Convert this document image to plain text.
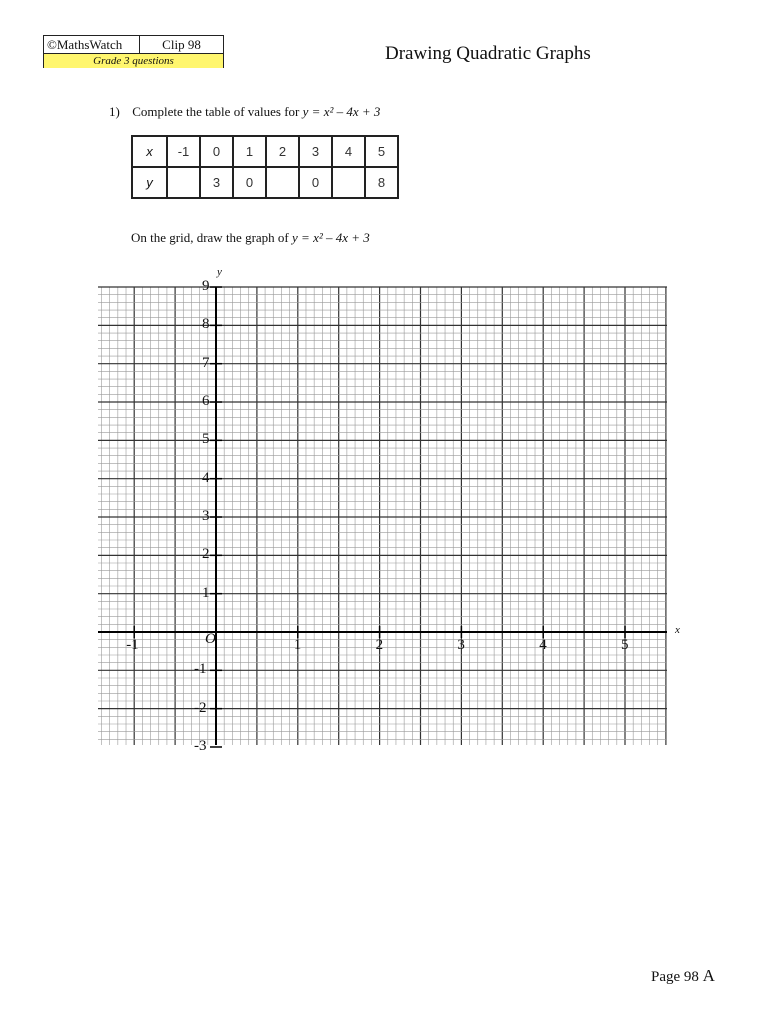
©MathsWatch	Clip 98
Grade 3 questions	Drawing Quadratic Graphs
1) Complete the table of values for y = x² – 4x + 3
x	-1	0	1	2	3	4	5
y		3	0		0		8
On the grid, draw the graph of y = x² – 4x + 3
y
x
O
9
8
7
6
5
4
3
2
1
-1
-2
-3
-1	1	2	3	4	5
Page 98 A
